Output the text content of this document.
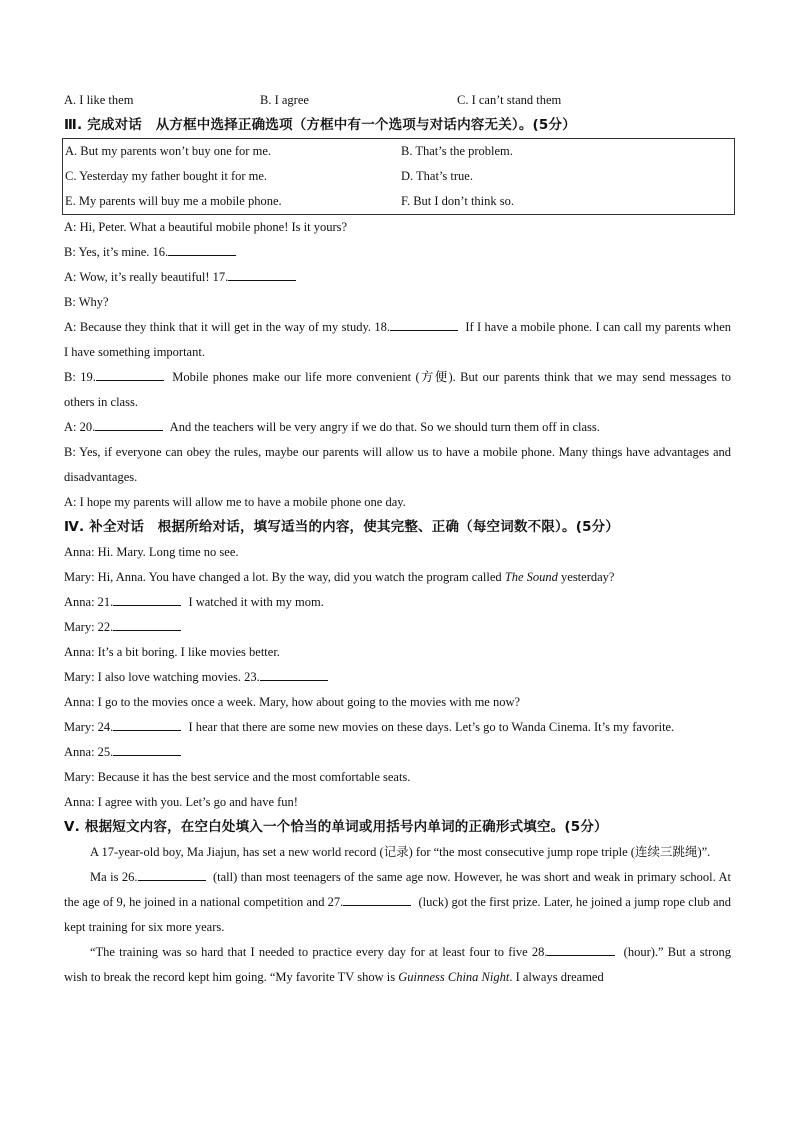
A. I like them	B. I agree	C. I can’t stand them
Ⅲ. 完成对话　从方框中选择正确选项（方框中有一个选项与对话内容无关）。(5分）
A. But my parents won’t buy one for me.	B. That’s the problem.
C. Yesterday my father bought it for me.	D. That’s true.
E. My parents will buy me a mobile phone.	F. But I don’t think so.
A: Hi, Peter. What a beautiful mobile phone! Is it yours?
B: Yes, it’s mine. 16.
A: Wow, it’s really beautiful! 17.
B: Why?
A: Because they think that it will get in the way of my study. 18.	If I have a mobile phone. I can call my parents when I have something important.
B: 19.	Mobile phones make our life more convenient (方便). But our parents think that we may send messages to others in class.
A: 20.	And the teachers will be very angry if we do that. So we should turn them off in class.
B: Yes, if everyone can obey the rules, maybe our parents will allow us to have a mobile phone. Many things have advantages and disadvantages.
A: I hope my parents will allow me to have a mobile phone one day.
Ⅳ. 补全对话　根据所给对话，填写适当的内容，使其完整、正确（每空词数不限）。(5分）
Anna: Hi. Mary. Long time no see.
Mary: Hi, Anna. You have changed a lot. By the way, did you watch the program called The Sound yesterday?
Anna: 21.	I watched it with my mom.
Mary: 22.
Anna: It’s a bit boring. I like movies better.
Mary: I also love watching movies. 23.
Anna: I go to the movies once a week. Mary, how about going to the movies with me now?
Mary: 24.	I hear that there are some new movies on these days. Let’s go to Wanda Cinema. It’s my favorite.
Anna: 25.
Mary: Because it has the best service and the most comfortable seats.
Anna: I agree with you. Let’s go and have fun!
Ⅴ. 根据短文内容，在空白处填入一个恰当的单词或用括号内单词的正确形式填空。(5分）
A 17-year-old boy, Ma Jiajun, has set a new world record (记录) for “the most consecutive jump rope triple (连续三跳绳)”.
Ma is 26.	(tall) than most teenagers of the same age now. However, he was short and weak in primary school. At the age of 9, he joined in a national competition and 27.	(luck) got the first prize. Later, he joined a jump rope club and kept training for six more years.
“The training was so hard that I needed to practice every day for at least four to five 28.	(hour).” But a strong wish to break the record kept him going. “My favorite TV show is Guinness China Night. I always dreamed
